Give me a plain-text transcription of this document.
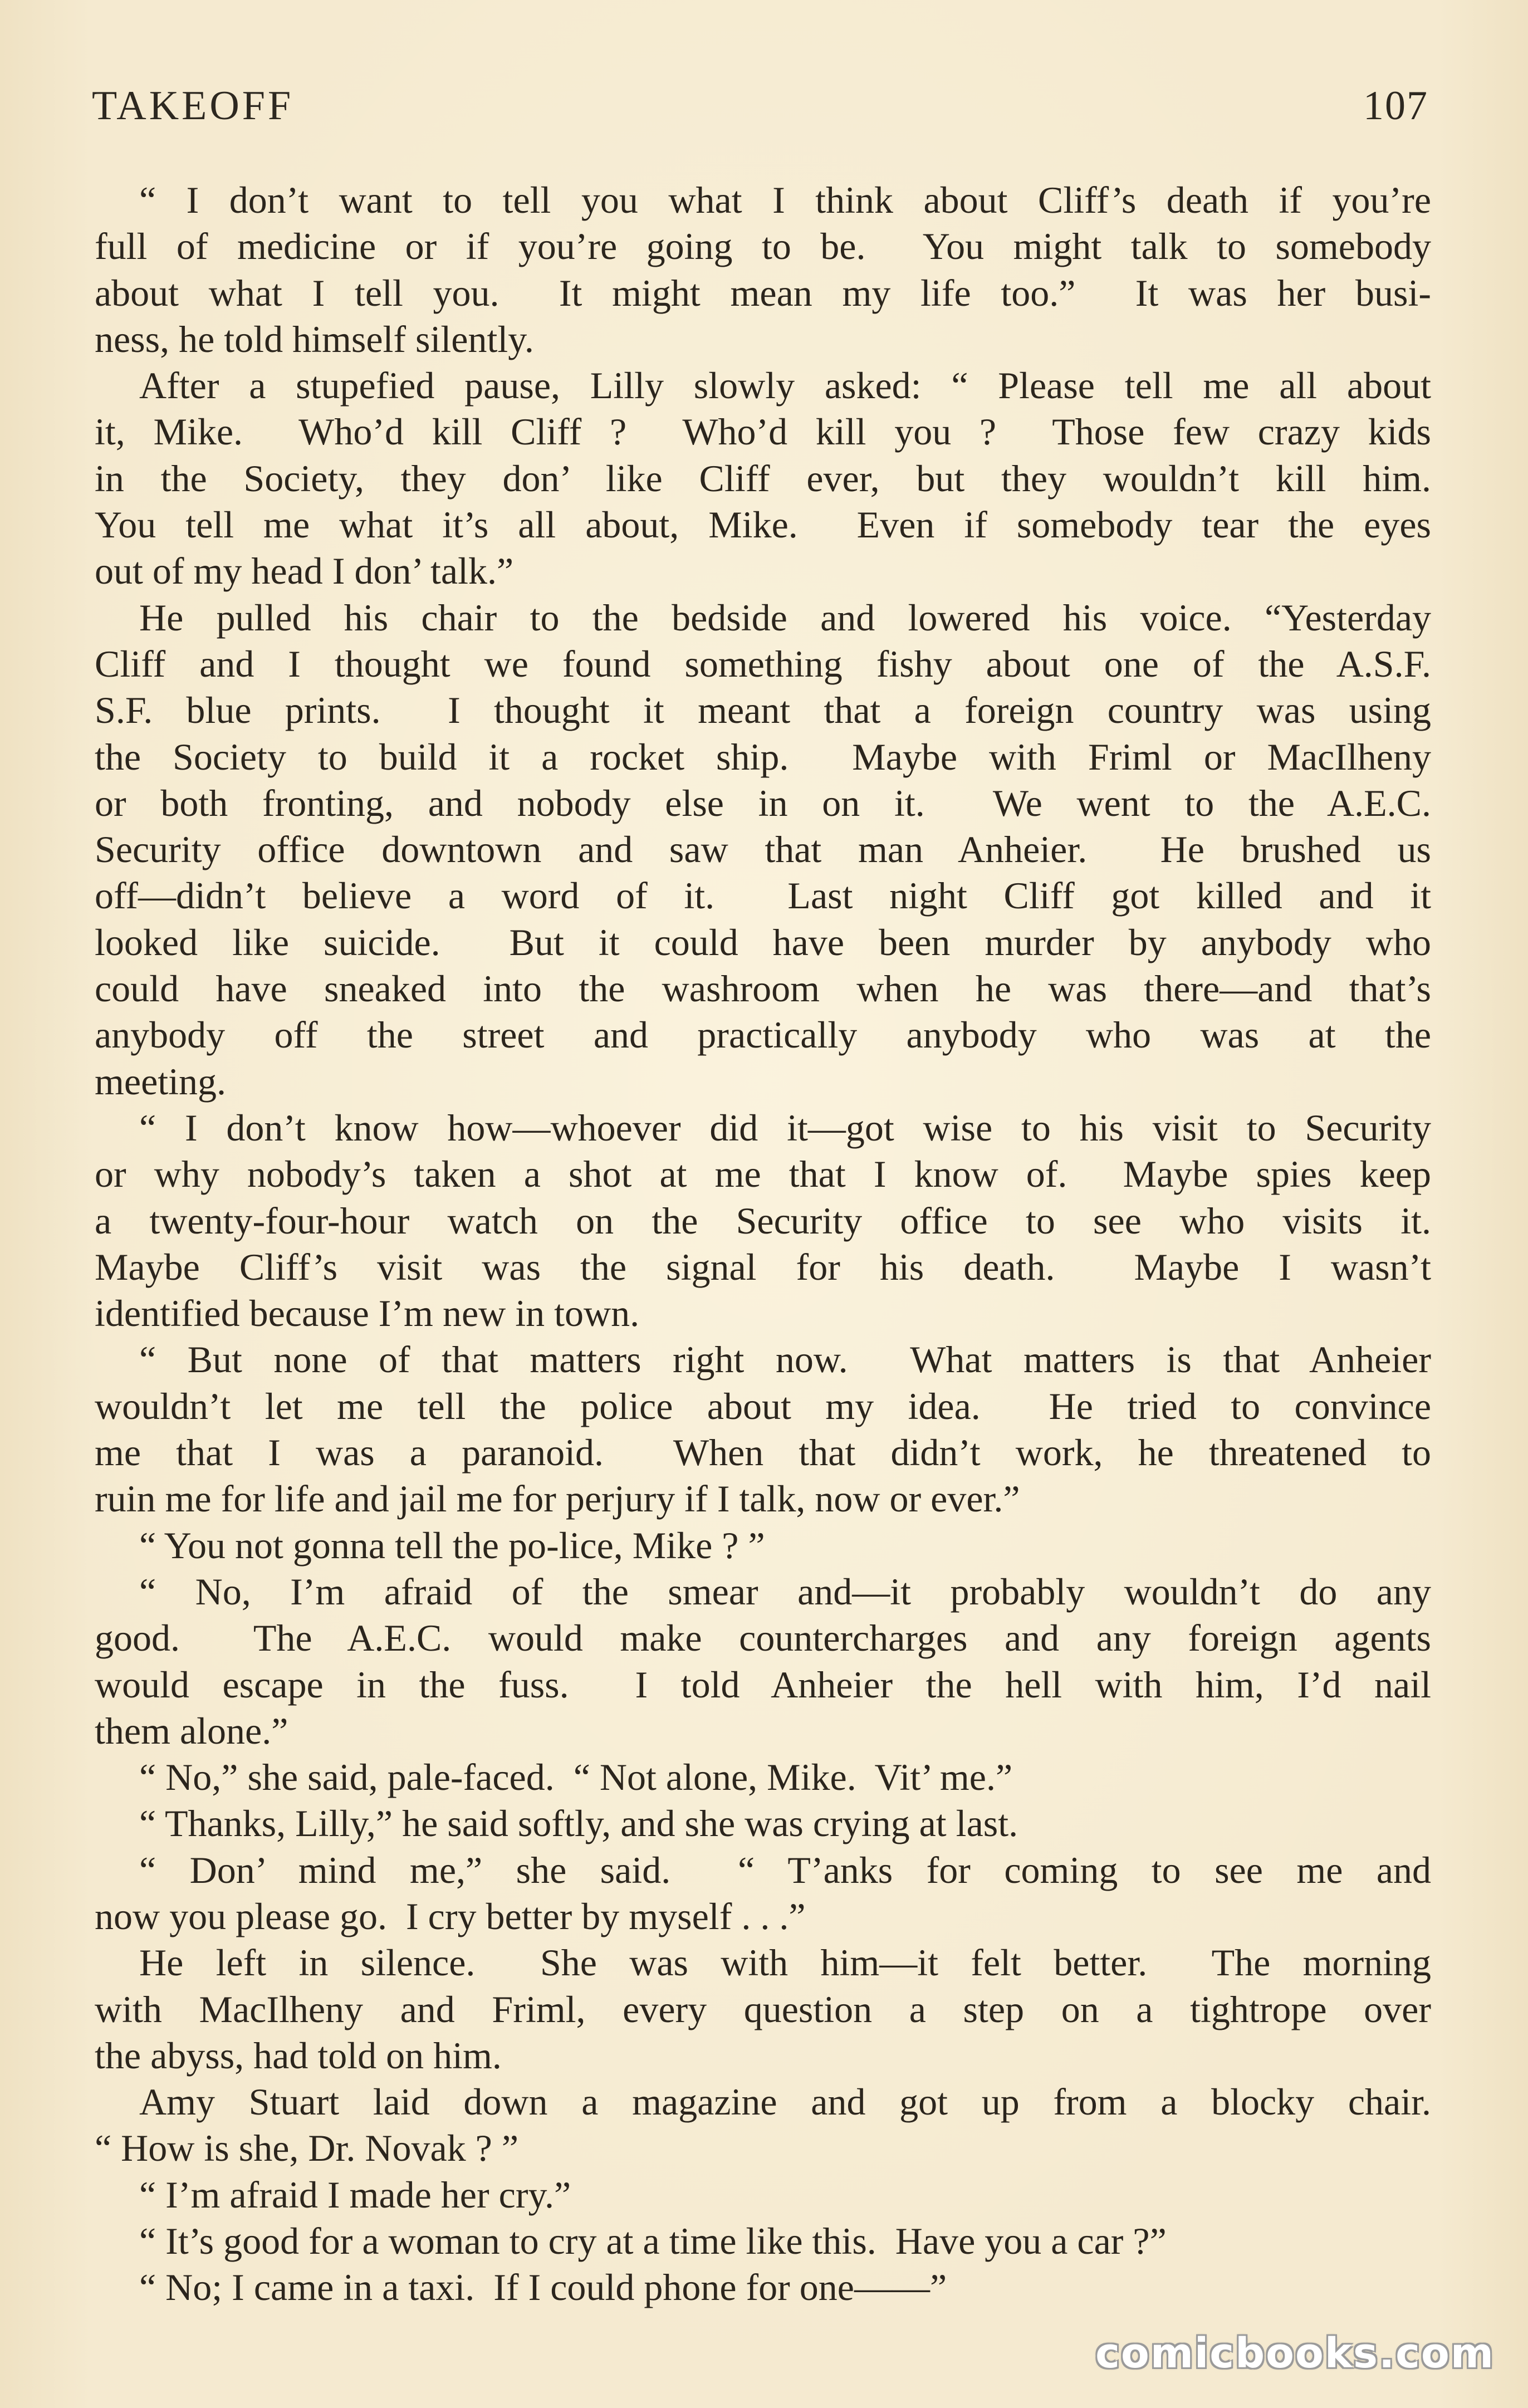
TAKEOFF	107
“ I don’t want to tell you what I think about Cliff’s death if you’re
full of medicine or if you’re going to be.  You might talk to somebody
about what I tell you.  It might mean my life too.”  It was her busi-
ness, he told himself silently.
After a stupefied pause, Lilly slowly asked: “ Please tell me all about
it, Mike.  Who’d kill Cliff ?  Who’d kill you ?  Those few crazy kids
in the Society, they don’ like Cliff ever, but they wouldn’t kill him.
You tell me what it’s all about, Mike.  Even if somebody tear the eyes
out of my head I don’ talk.”
He pulled his chair to the bedside and lowered his voice. “Yesterday
Cliff and I thought we found something fishy about one of the A.S.F.
S.F. blue prints.  I thought it meant that a foreign country was using
the Society to build it a rocket ship.  Maybe with Friml or MacIlheny
or both fronting, and nobody else in on it.  We went to the A.E.C.
Security office downtown and saw that man Anheier.  He brushed us
off—didn’t believe a word of it.  Last night Cliff got killed and it
looked like suicide.  But it could have been murder by anybody who
could have sneaked into the washroom when he was there—and that’s
anybody off the street and practically anybody who was at the
meeting.
“ I don’t know how—whoever did it—got wise to his visit to Security
or why nobody’s taken a shot at me that I know of.  Maybe spies keep
a twenty-four-hour watch on the Security office to see who visits it.
Maybe Cliff’s visit was the signal for his death.  Maybe I wasn’t
identified because I’m new in town.
“ But none of that matters right now.  What matters is that Anheier
wouldn’t let me tell the police about my idea.  He tried to convince
me that I was a paranoid.  When that didn’t work, he threatened to
ruin me for life and jail me for perjury if I talk, now or ever.”
“ You not gonna tell the po-lice, Mike ? ”
“ No, I’m afraid of the smear and—it probably wouldn’t do any
good.  The A.E.C. would make countercharges and any foreign agents
would escape in the fuss.  I told Anheier the hell with him, I’d nail
them alone.”
“ No,” she said, pale-faced.  “ Not alone, Mike.  Vit’ me.”
“ Thanks, Lilly,” he said softly, and she was crying at last.
“ Don’ mind me,” she said.  “ T’anks for coming to see me and
now you please go.  I cry better by myself . . .”
He left in silence.  She was with him—it felt better.  The morning
with MacIlheny and Friml, every question a step on a tightrope over
the abyss, had told on him.
Amy Stuart laid down a magazine and got up from a blocky chair.
“ How is she, Dr. Novak ? ”
“ I’m afraid I made her cry.”
“ It’s good for a woman to cry at a time like this.  Have you a car ?”
“ No; I came in a taxi.  If I could phone for one——”
comicbooks.com
